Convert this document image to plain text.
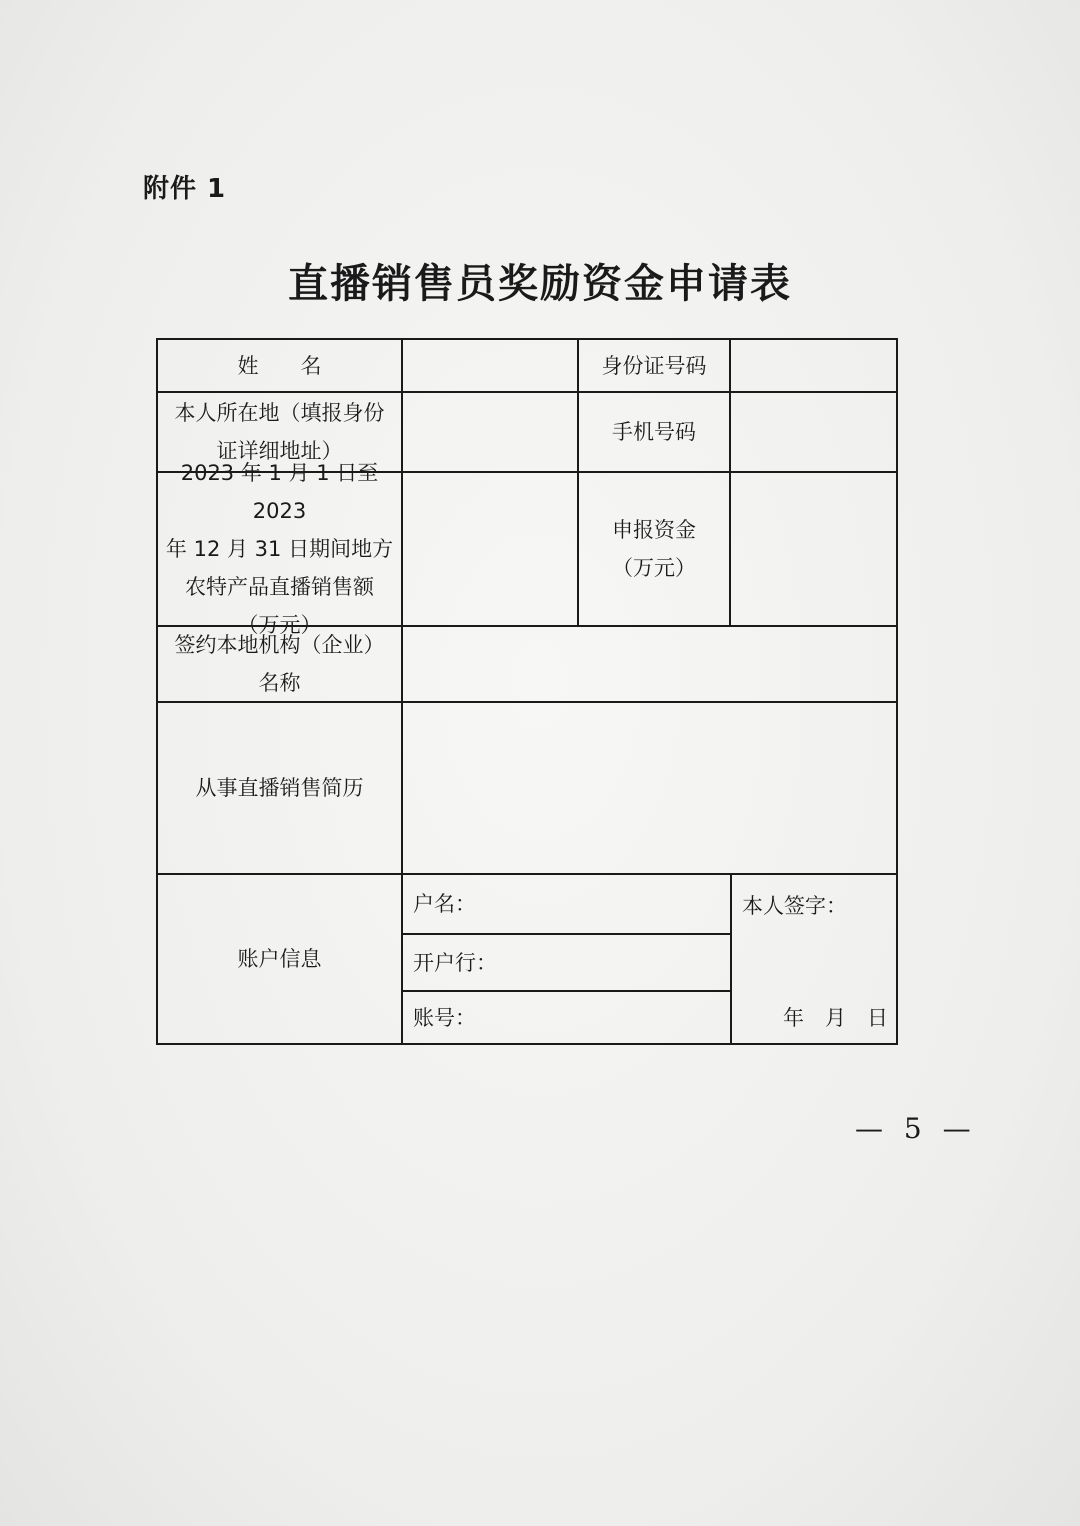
附件 1
直播销售员奖励资金申请表
姓　　名	身份证号码
本人所在地（填报身份
证详细地址）
手机号码
2023 年 1 月 1 日至 2023
年 12 月 31 日期间地方
农特产品直播销售额
（万元）
申报资金
（万元）
签约本地机构（企业）
名称
从事直播销售简历
账户信息
户名：
开户行：
账号：
本人签字：
年　月　日
— 5 —
